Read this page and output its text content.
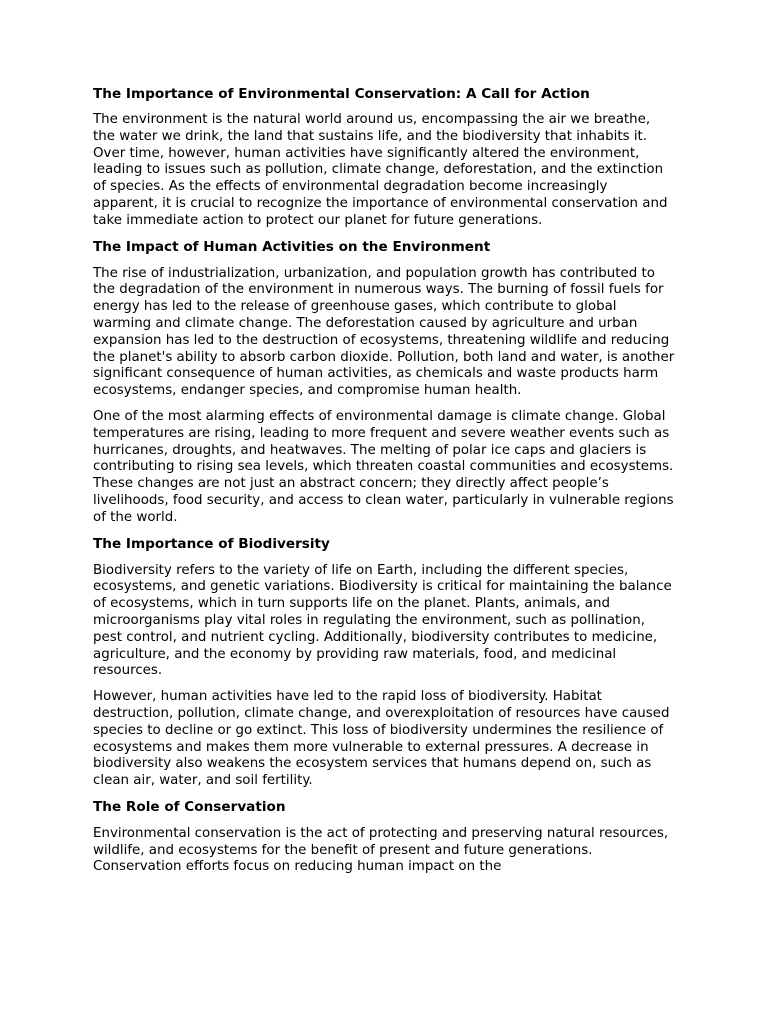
The Importance of Environmental Conservation: A Call for Action

The environment is the natural world around us, encompassing the air we breathe, the water we drink, the land that sustains life, and the biodiversity that inhabits it. Over time, however, human activities have significantly altered the environment, leading to issues such as pollution, climate change, deforestation, and the extinction of species. As the effects of environmental degradation become increasingly apparent, it is crucial to recognize the importance of environmental conservation and take immediate action to protect our planet for future generations.

The Impact of Human Activities on the Environment

The rise of industrialization, urbanization, and population growth has contributed to the degradation of the environment in numerous ways. The burning of fossil fuels for energy has led to the release of greenhouse gases, which contribute to global warming and climate change. The deforestation caused by agriculture and urban expansion has led to the destruction of ecosystems, threatening wildlife and reducing the planet's ability to absorb carbon dioxide. Pollution, both land and water, is another significant consequence of human activities, as chemicals and waste products harm ecosystems, endanger species, and compromise human health.

One of the most alarming effects of environmental damage is climate change. Global temperatures are rising, leading to more frequent and severe weather events such as hurricanes, droughts, and heatwaves. The melting of polar ice caps and glaciers is contributing to rising sea levels, which threaten coastal communities and ecosystems. These changes are not just an abstract concern; they directly affect people’s livelihoods, food security, and access to clean water, particularly in vulnerable regions of the world.

The Importance of Biodiversity

Biodiversity refers to the variety of life on Earth, including the different species, ecosystems, and genetic variations. Biodiversity is critical for maintaining the balance of ecosystems, which in turn supports life on the planet. Plants, animals, and microorganisms play vital roles in regulating the environment, such as pollination, pest control, and nutrient cycling. Additionally, biodiversity contributes to medicine, agriculture, and the economy by providing raw materials, food, and medicinal resources.

However, human activities have led to the rapid loss of biodiversity. Habitat destruction, pollution, climate change, and overexploitation of resources have caused species to decline or go extinct. This loss of biodiversity undermines the resilience of ecosystems and makes them more vulnerable to external pressures. A decrease in biodiversity also weakens the ecosystem services that humans depend on, such as clean air, water, and soil fertility.

The Role of Conservation

Environmental conservation is the act of protecting and preserving natural resources, wildlife, and ecosystems for the benefit of present and future generations. Conservation efforts focus on reducing human impact on the
